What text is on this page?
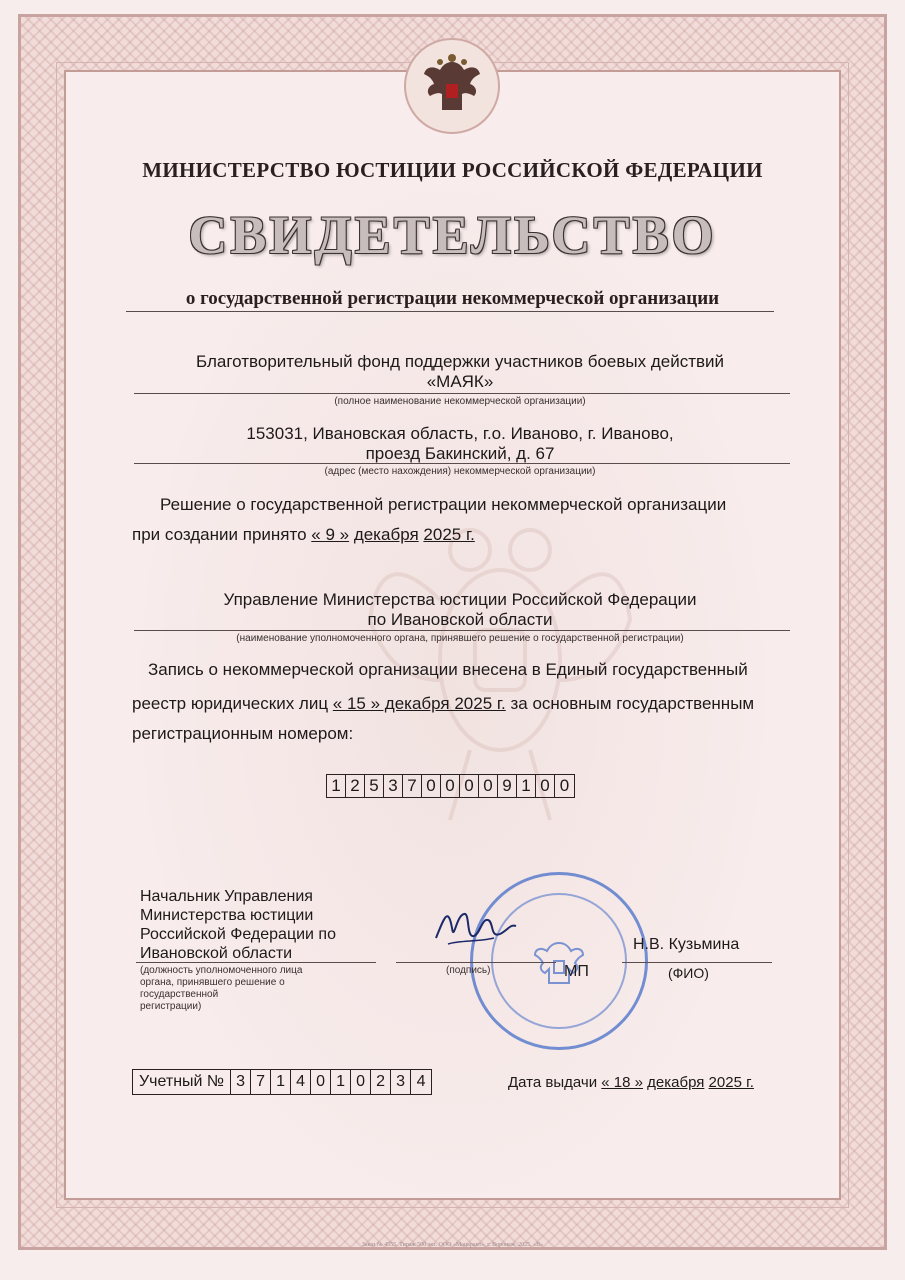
МИНИСТЕРСТВО ЮСТИЦИИ РОССИЙСКОЙ ФЕДЕРАЦИИ
СВИДЕТЕЛЬСТВО
о государственной регистрации некоммерческой организации
Благотворительный фонд поддержки участников боевых действий
«МАЯК»
(полное наименование некоммерческой организации)
153031, Ивановская область, г.о. Иваново, г. Иваново,
проезд Бакинский, д. 67
(адрес (место нахождения) некоммерческой организации)
Решение о государственной регистрации некоммерческой организации
при создании принято « 9 » декабря 2025 г.
Управление Министерства юстиции Российской Федерации
по Ивановской области
(наименование уполномоченного органа, принявшего решение о государственной регистрации)
Запись о некоммерческой организации внесена в Единый государственный
реестр юридических лиц « 15 » декабря 2025 г. за основным государственным
регистрационным номером:
1 2 5 3 7 0 0 0 0 9 1 0 0
Начальник Управления
Министерства юстиции
Российской Федерации по
Ивановской области
(должность уполномоченного лица
органа, принявшего решение о
государственной
регистрации)
(подпись)	МП
Н.В. Кузьмина
(ФИО)
Учетный № 3 7 1 4 0 1 0 2 3 4	Дата выдачи « 18 » декабря 2025 г.
Заказ № 4555. Тираж 500 экз. ООО «Мацарант», г. Воронеж, 2025. «В»
